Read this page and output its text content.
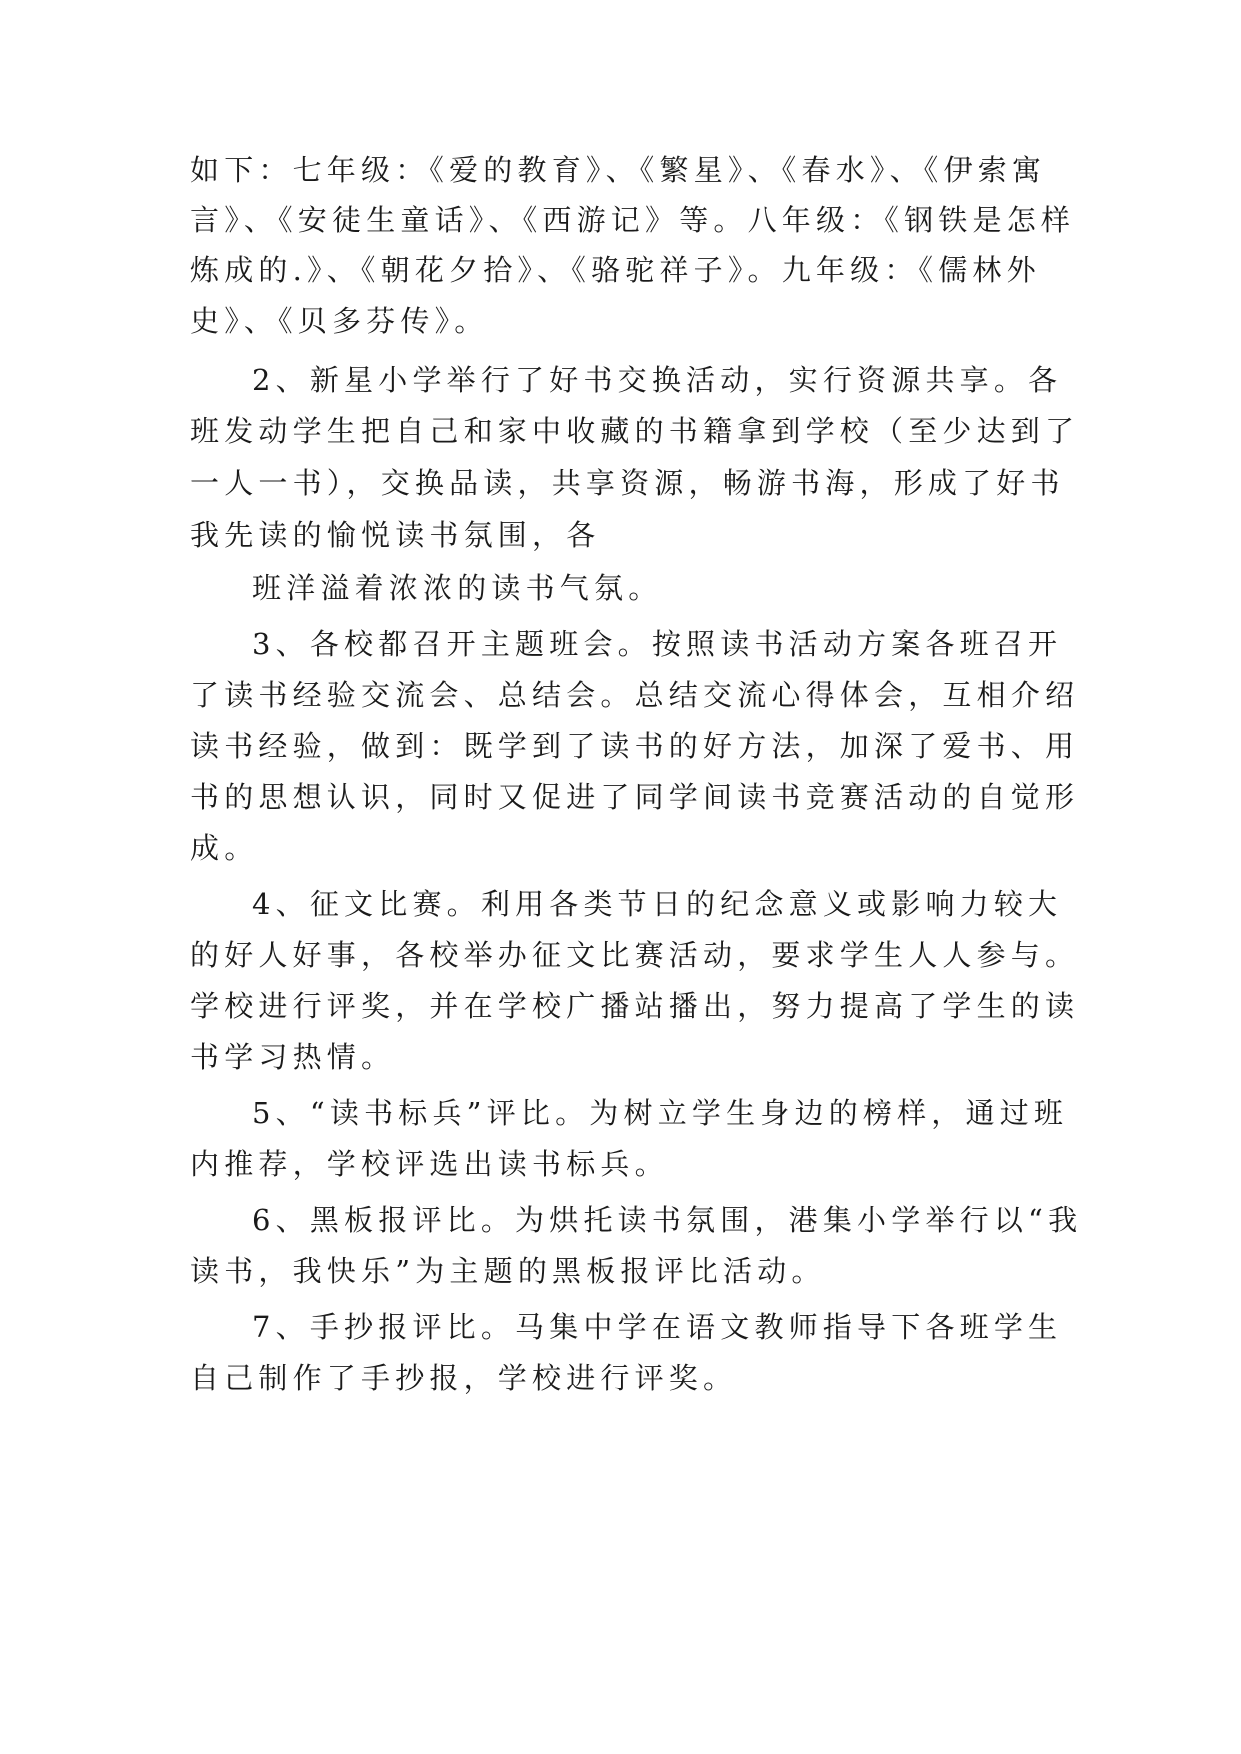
如下：七年级：《爱的教育》、《繁星》、《春水》、《伊索寓
言》、《安徒生童话》、《西游记》等。八年级：《钢铁是怎样
炼成的.》、《朝花夕拾》、《骆驼祥子》。九年级：《儒林外
史》、《贝多芬传》。
2、新星小学举行了好书交换活动，实行资源共享。各
班发动学生把自己和家中收藏的书籍拿到学校（至少达到了
一人一书），交换品读，共享资源，畅游书海，形成了好书
我先读的愉悦读书氛围，各
班洋溢着浓浓的读书气氛。
3、各校都召开主题班会。按照读书活动方案各班召开
了读书经验交流会、总结会。总结交流心得体会，互相介绍
读书经验，做到：既学到了读书的好方法，加深了爱书、用
书的思想认识，同时又促进了同学间读书竞赛活动的自觉形
成。
4、征文比赛。利用各类节日的纪念意义或影响力较大
的好人好事，各校举办征文比赛活动，要求学生人人参与。
学校进行评奖，并在学校广播站播出，努力提高了学生的读
书学习热情。
5、“读书标兵”评比。为树立学生身边的榜样，通过班
内推荐，学校评选出读书标兵。
6、黑板报评比。为烘托读书氛围，港集小学举行以“我
读书，我快乐”为主题的黑板报评比活动。
7、手抄报评比。马集中学在语文教师指导下各班学生
自己制作了手抄报，学校进行评奖。
